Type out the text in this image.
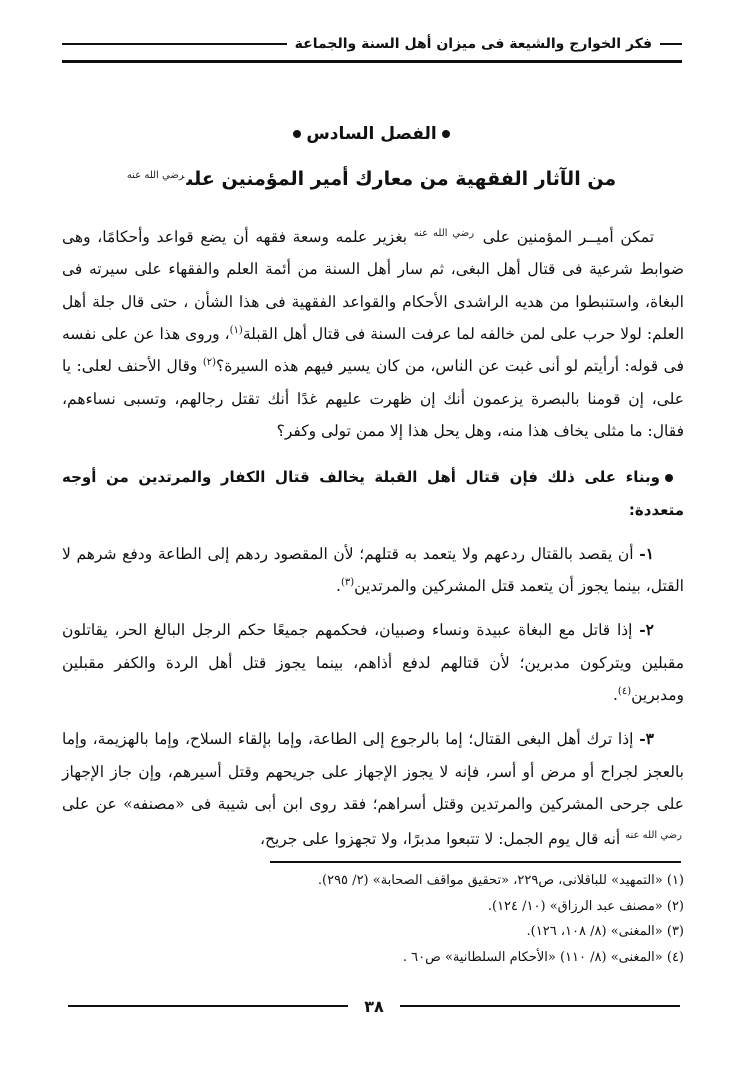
فكر الخوارج والشيعة فى ميزان أهل السنة والجماعة
الفصل السادس
من الآثار الفقهية من معارك أمير المؤمنين على$^{رضي الله عنه}$

تمكن أميــر المؤمنين على $^{رضي الله عنه}$ بغزير علمه وسعة فقهه أن يضع قواعد وأحكامًا، وهى ضوابط شرعية فى قتال أهل البغى، ثم سار أهل السنة من أئمة العلم والفقهاء على سيرته فى البغاة، واستنبطوا من هديه الراشدى الأحكام والقواعد الفقهية فى هذا الشأن ، حتى قال جلة أهل العلم: لولا حرب على لمن خالفه لما عرفت السنة فى قتال أهل القبلة$^{(١)}$، وروى هذا عن على نفسه فى قوله: أرأيتم لو أنى غبت عن الناس، من كان يسير فيهم هذه السيرة؟$^{(٢)}$ وقال الأحنف لعلى: يا على، إن قومنا بالبصرة يزعمون أنك إن ظهرت عليهم غدًا أنك تقتل رجالهم، وتسبى نساءهم، فقال: ما مثلى يخاف هذا منه، وهل يحل هذا إلا ممن تولى وكفر؟

وبناء على ذلك فإن قتال أهل القبلة يخالف قتال الكفار والمرتدين من أوجه متعددة:

١- أن يقصد بالقتال ردعهم ولا يتعمد به قتلهم؛ لأن المقصود ردهم إلى الطاعة ودفع شرهم لا القتل، بينما يجوز أن يتعمد قتل المشركين والمرتدين$^{(٣)}$.

٢- إذا قاتل مع البغاة عبيدة ونساء وصبيان، فحكمهم جميعًا حكم الرجل البالغ الحر، يقاتلون مقبلين ويتركون مدبرين؛ لأن قتالهم لدفع أذاهم، بينما يجوز قتل أهل الردة والكفر مقبلين ومدبرين$^{(٤)}$.

٣- إذا ترك أهل البغى القتال؛ إما بالرجوع إلى الطاعة، وإما بإلقاء السلاح، وإما بالهزيمة، وإما بالعجز لجراح أو مرض أو أسر، فإنه لا يجوز الإجهاز على جريحهم وقتل أسيرهم، وإن جاز الإجهاز على جرحى المشركين والمرتدين وقتل أسراهم؛ فقد روى ابن أبى شيبة فى «مصنفه» عن على $^{رضي الله عنه}$ أنه قال يوم الجمل: لا تتبعوا مدبرًا، ولا تجهزوا على جريح،

(١) «التمهيد» للباقلانى، ص٢٢٩، «تحقيق مواقف الصحابة» (٢/ ٢٩٥).
(٢) «مصنف عبد الرزاق» (١٠/ ١٢٤).
(٣) «المغنى» (٨/ ١٠٨، ١٢٦).
(٤) «المغنى» (٨/ ١١٠) «الأحكام السلطانية» ص٦٠ .
٣٨
